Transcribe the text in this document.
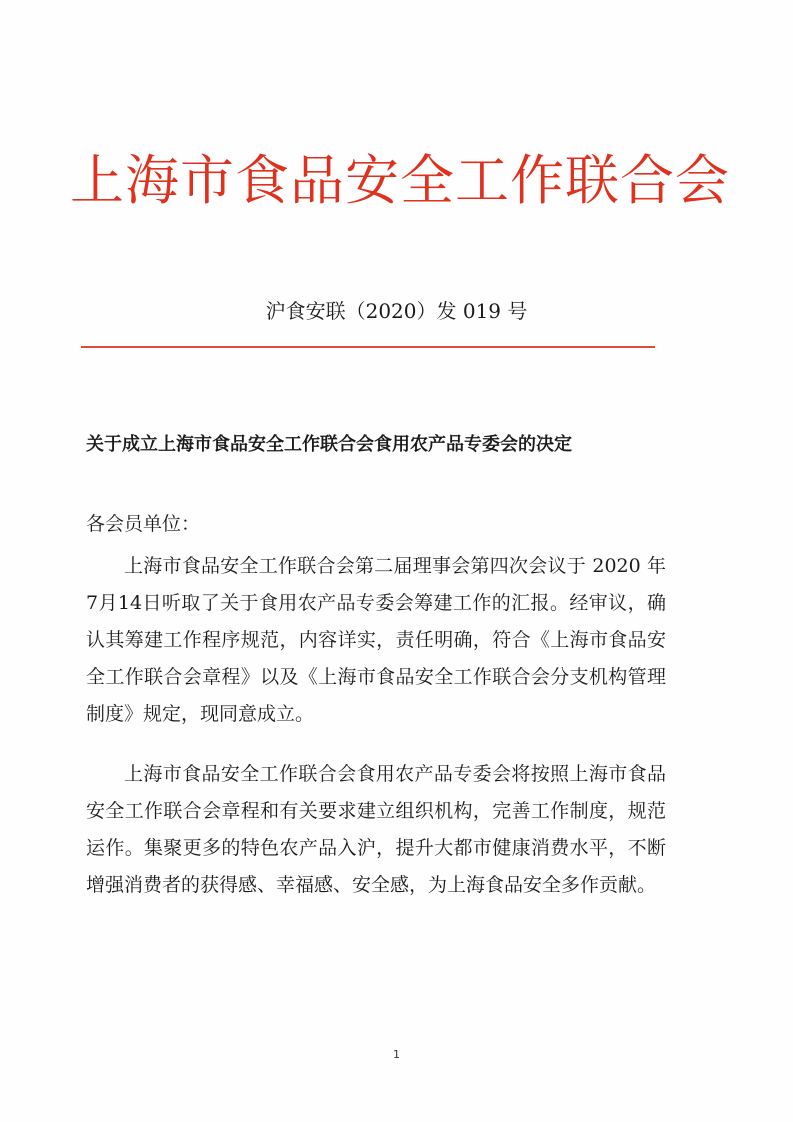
上海市食品安全工作联合会
沪食安联（2020）发 019 号
关于成立上海市食品安全工作联合会食用农产品专委会的决定
各会员单位：

上海市食品安全工作联合会第二届理事会第四次会议于 2020 年7月14日听取了关于食用农产品专委会筹建工作的汇报。经审议，确认其筹建工作程序规范，内容详实，责任明确，符合《上海市食品安全工作联合会章程》以及《上海市食品安全工作联合会分支机构管理制度》规定，现同意成立。

上海市食品安全工作联合会食用农产品专委会将按照上海市食品安全工作联合会章程和有关要求建立组织机构，完善工作制度，规范运作。集聚更多的特色农产品入沪，提升大都市健康消费水平，不断增强消费者的获得感、幸福感、安全感，为上海食品安全多作贡献。

1
